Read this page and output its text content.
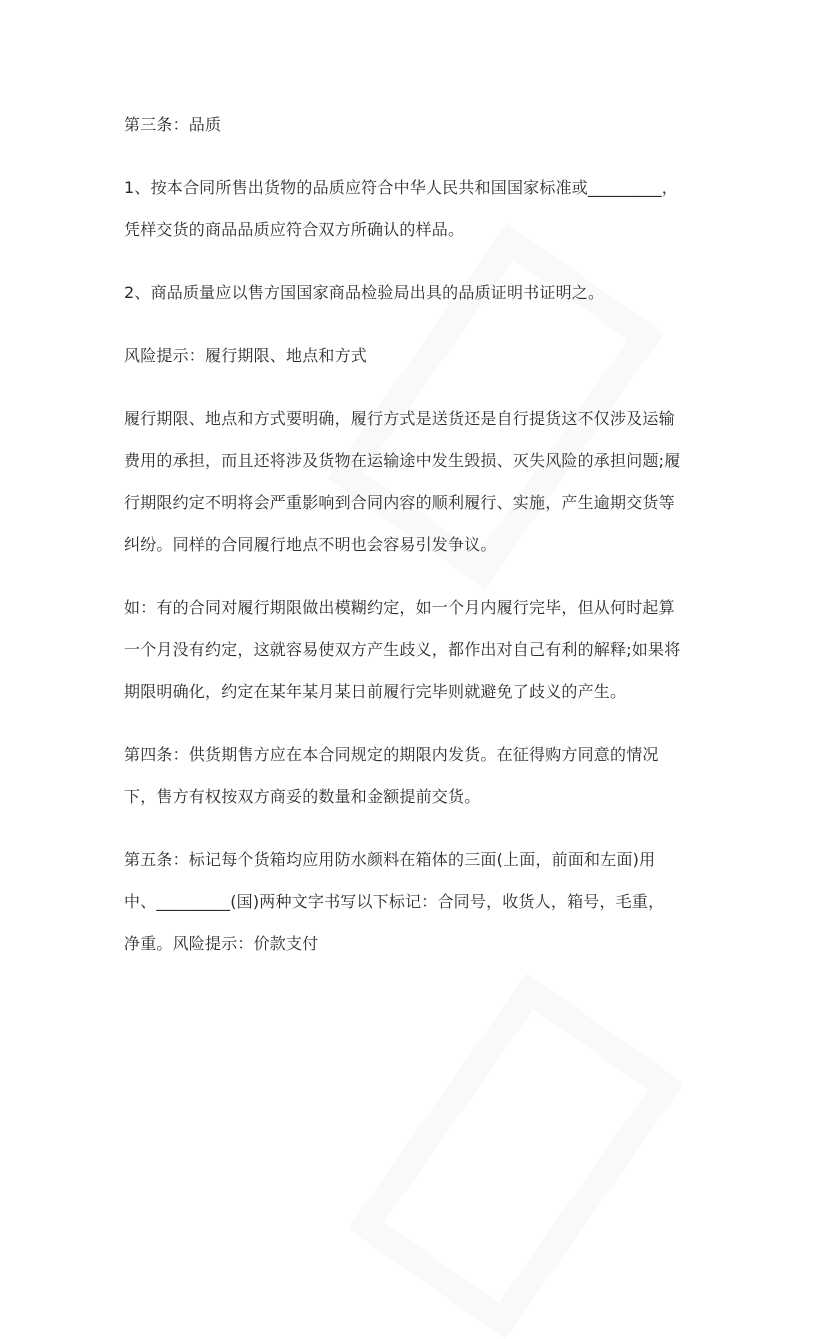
第三条：品质
1、按本合同所售出货物的品质应符合中华人民共和国国家标准或_________，
凭样交货的商品品质应符合双方所确认的样品。
2、商品质量应以售方国国家商品检验局出具的品质证明书证明之。
风险提示：履行期限、地点和方式
履行期限、地点和方式要明确，履行方式是送货还是自行提货这不仅涉及运输
费用的承担，而且还将涉及货物在运输途中发生毁损、灭失风险的承担问题;履
行期限约定不明将会严重影响到合同内容的顺利履行、实施，产生逾期交货等
纠纷。同样的合同履行地点不明也会容易引发争议。
如：有的合同对履行期限做出模糊约定，如一个月内履行完毕，但从何时起算
一个月没有约定，这就容易使双方产生歧义，都作出对自己有利的解释;如果将
期限明确化，约定在某年某月某日前履行完毕则就避免了歧义的产生。
第四条：供货期售方应在本合同规定的期限内发货。在征得购方同意的情况
下，售方有权按双方商妥的数量和金额提前交货。
第五条：标记每个货箱均应用防水颜料在箱体的三面(上面，前面和左面)用
中、_________(国)两种文字书写以下标记：合同号，收货人，箱号，毛重，
净重。风险提示：价款支付
